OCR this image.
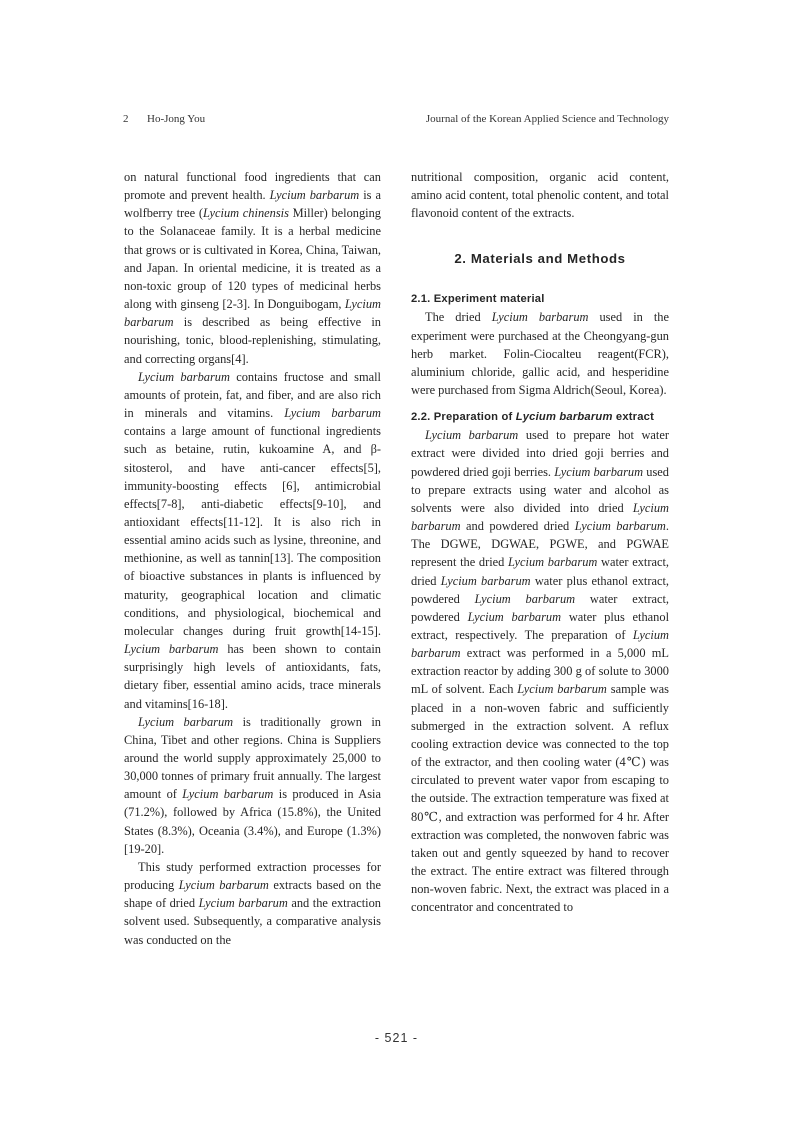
2 Ho-Jong You	Journal of the Korean Applied Science and Technology

on natural functional food ingredients that can promote and prevent health. Lycium barbarum is a wolfberry tree (Lycium chinensis Miller) belonging to the Solanaceae family. It is a herbal medicine that grows or is cultivated in Korea, China, Taiwan, and Japan. In oriental medicine, it is treated as a non-toxic group of 120 types of medicinal herbs along with ginseng [2-3]. In Donguibogam, Lycium barbarum is described as being effective in nourishing, tonic, blood-replenishing, stimulating, and correcting organs[4].

Lycium barbarum contains fructose and small amounts of protein, fat, and fiber, and are also rich in minerals and vitamins. Lycium barbarum contains a large amount of functional ingredients such as betaine, rutin, kukoamine A, and β-sitosterol, and have anti-cancer effects[5], immunity-boosting effects [6], antimicrobial effects[7-8], anti-diabetic effects[9-10], and antioxidant effects[11-12]. It is also rich in essential amino acids such as lysine, threonine, and methionine, as well as tannin[13]. The composition of bioactive substances in plants is influenced by maturity, geographical location and climatic conditions, and physiological, biochemical and molecular changes during fruit growth[14-15]. Lycium barbarum has been shown to contain surprisingly high levels of antioxidants, fats, dietary fiber, essential amino acids, trace minerals and vitamins[16-18].

Lycium barbarum is traditionally grown in China, Tibet and other regions. China is Suppliers around the world supply approximately 25,000 to 30,000 tonnes of primary fruit annually. The largest amount of Lycium barbarum is produced in Asia (71.2%), followed by Africa (15.8%), the United States (8.3%), Oceania (3.4%), and Europe (1.3%) [19-20].

This study performed extraction processes for producing Lycium barbarum extracts based on the shape of dried Lycium barbarum and the extraction solvent used. Subsequently, a comparative analysis was conducted on the

nutritional composition, organic acid content, amino acid content, total phenolic content, and total flavonoid content of the extracts.

2. Materials and Methods
2.1. Experiment material

The dried Lycium barbarum used in the experiment were purchased at the Cheongyang-gun herb market. Folin-Ciocalteu reagent(FCR), aluminium chloride, gallic acid, and hesperidine were purchased from Sigma Aldrich(Seoul, Korea).

2.2. Preparation of Lycium barbarum extract

Lycium barbarum used to prepare hot water extract were divided into dried goji berries and powdered dried goji berries. Lycium barbarum used to prepare extracts using water and alcohol as solvents were also divided into dried Lycium barbarum and powdered dried Lycium barbarum. The DGWE, DGWAE, PGWE, and PGWAE represent the dried Lycium barbarum water extract, dried Lycium barbarum water plus ethanol extract, powdered Lycium barbarum water extract, powdered Lycium barbarum water plus ethanol extract, respectively. The preparation of Lycium barbarum extract was performed in a 5,000 mL extraction reactor by adding 300 g of solute to 3000 mL of solvent. Each Lycium barbarum sample was placed in a non-woven fabric and sufficiently submerged in the extraction solvent. A reflux cooling extraction device was connected to the top of the extractor, and then cooling water (4℃) was circulated to prevent water vapor from escaping to the outside. The extraction temperature was fixed at 80℃, and extraction was performed for 4 hr. After extraction was completed, the nonwoven fabric was taken out and gently squeezed by hand to recover the extract. The entire extract was filtered through non-woven fabric. Next, the extract was placed in a concentrator and concentrated to

- 521 -
